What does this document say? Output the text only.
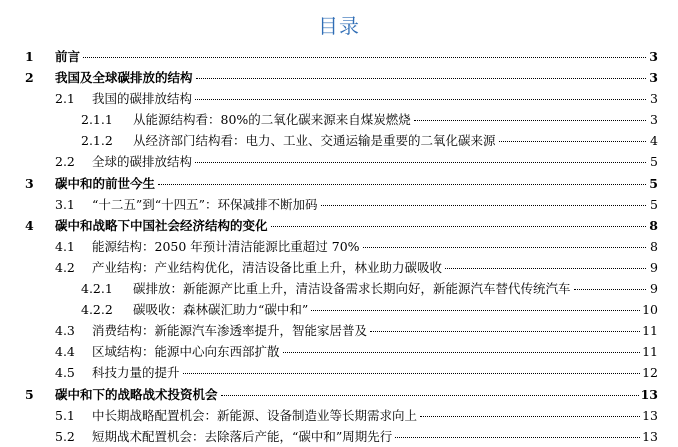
目录
1 前言	3
2 我国及全球碳排放的结构	3
2.1 我国的碳排放结构	3
2.1.1 从能源结构看：80%的二氧化碳来源来自煤炭燃烧	3
2.1.2 从经济部门结构看：电力、工业、交通运输是重要的二氧化碳来源	4
2.2 全球的碳排放结构	5
3 碳中和的前世今生	5
3.1 “十二五”到“十四五”：环保减排不断加码	5
4 碳中和战略下中国社会经济结构的变化	8
4.1 能源结构：2050 年预计清洁能源比重超过 70%	8
4.2 产业结构：产业结构优化，清洁设备比重上升，林业助力碳吸收	9
4.2.1 碳排放：新能源产比重上升，清洁设备需求长期向好，新能源汽车替代传统汽车	9
4.2.2 碳吸收：森林碳汇助力“碳中和”	10
4.3 消费结构：新能源汽车渗透率提升，智能家居普及	11
4.4 区域结构：能源中心向东西部扩散	11
4.5 科技力量的提升	12
5 碳中和下的战略战术投资机会	13
5.1 中长期战略配置机会：新能源、设备制造业等长期需求向上	13
5.2 短期战术配置机会：去除落后产能，“碳中和”周期先行	13
